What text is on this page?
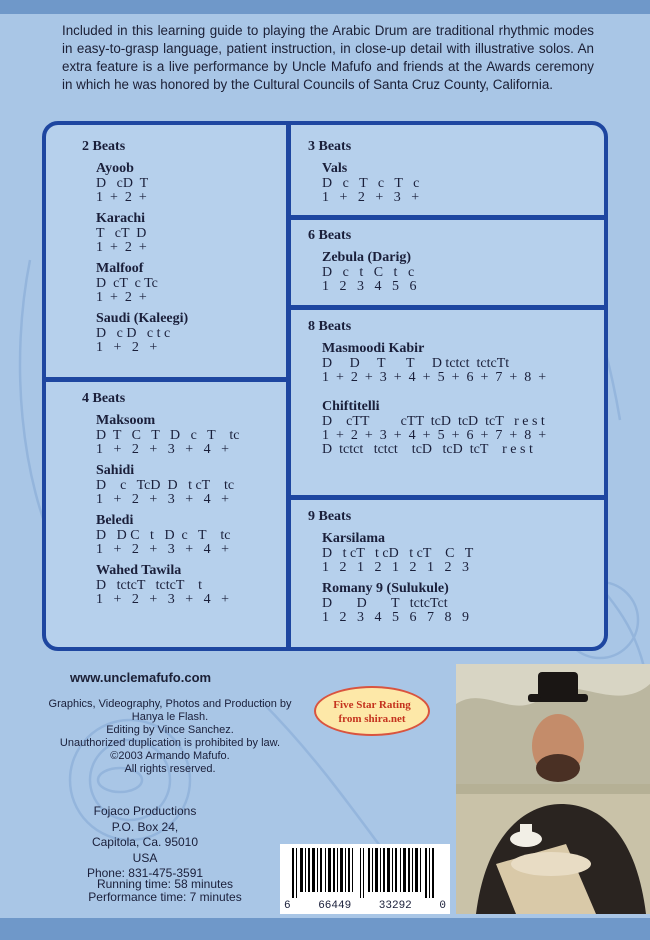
Included in this learning guide to playing the Arabic Drum are traditional rhythmic modes in easy-to-grasp language, patient instruction, in close-up detail with illustrative solos. An extra feature is a live performance by Uncle Mafufo and friends at the Awards ceremony in which he was honored by the Cultural Councils of Santa Cruz County, California.
2 Beats
Ayoob
D   cD  T
1  +  2  +
Karachi
T   cT  D
1  +  2  +
Malfoof
D  cT  c Tc
1  +  2  +
Saudi (Kaleegi)
D   c D   c t c
1   +   2   +
4 Beats
Maksoom
D  T   C   T   D   c   T    tc
1   +   2   +   3   +   4   +
Sahidi
D    c   TcD  D   t cT    tc
1   +   2   +   3   +   4   +
Beledi
D   D C   t   D  c   T    tc
1   +   2   +   3   +   4   +
Wahed Tawila
D   tctcT   tctcT    t
1   +   2   +   3   +   4   +
3 Beats
Vals
D   c   T   c   T   c
1   +   2   +   3   +
6 Beats
Zebula (Darig)
D   c   t   C   t   c
1   2   3   4   5   6
8 Beats
Masmoodi Kabir
D     D     T      T     D tctct  tctcTt
1  +  2  +  3  +  4  +  5  +  6  +  7  +  8  +
Chiftitelli
D    cTT         cTT  tcD  tcD  tcT   r e s t
1  +  2  +  3  +  4  +  5  +  6  +  7  +  8  +
D  tctct   tctct    tcD   tcD  tcT    r e s t
9 Beats
Karsilama
D   t cT   t cD   t cT    C   T
1   2   1   2   1   2   1   2   3
Romany 9 (Sulukule)
D       D       T   tctcTct
1   2   3   4   5   6   7   8   9
www.unclemafufo.com
Graphics, Videography, Photos and Production by
Hanya le Flash.
Editing by Vince Sanchez.
Unauthorized duplication is prohibited by law.
©2003 Armando Mafufo.
All rights reserved.
Fojaco Productions
P.O. Box 24,
Capitola, Ca. 95010 USA
Phone: 831-475-3591
Running time: 58 minutes
Performance time: 7 minutes
Five Star Rating
from shira.net
6	66449	33292	0
